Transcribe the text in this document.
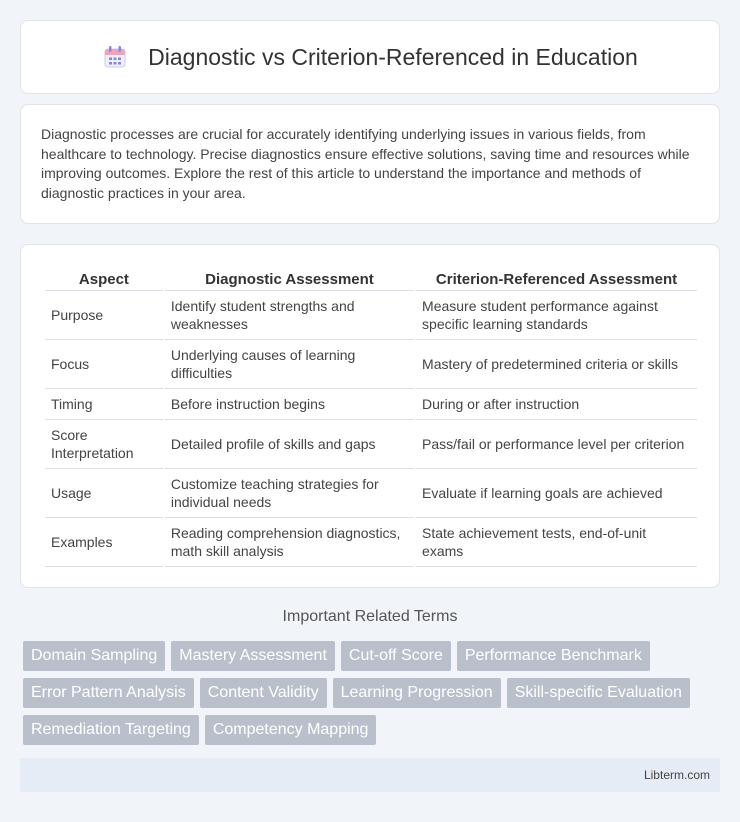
Diagnostic vs Criterion-Referenced in Education

Diagnostic processes are crucial for accurately identifying underlying issues in various fields, from healthcare to technology. Precise diagnostics ensure effective solutions, saving time and resources while improving outcomes. Explore the rest of this article to understand the importance and methods of diagnostic practices in your area.

Aspect	Diagnostic Assessment	Criterion-Referenced Assessment
Purpose	Identify student strengths and weaknesses	Measure student performance against specific learning standards
Focus	Underlying causes of learning difficulties	Mastery of predetermined criteria or skills
Timing	Before instruction begins	During or after instruction
Score Interpretation	Detailed profile of skills and gaps	Pass/fail or performance level per criterion
Usage	Customize teaching strategies for individual needs	Evaluate if learning goals are achieved
Examples	Reading comprehension diagnostics, math skill analysis	State achievement tests, end-of-unit exams
Important Related Terms
Domain Sampling	Mastery Assessment	Cut-off Score	Performance Benchmark
Error Pattern Analysis	Content Validity	Learning Progression	Skill-specific Evaluation
Remediation Targeting	Competency Mapping
Libterm.com
